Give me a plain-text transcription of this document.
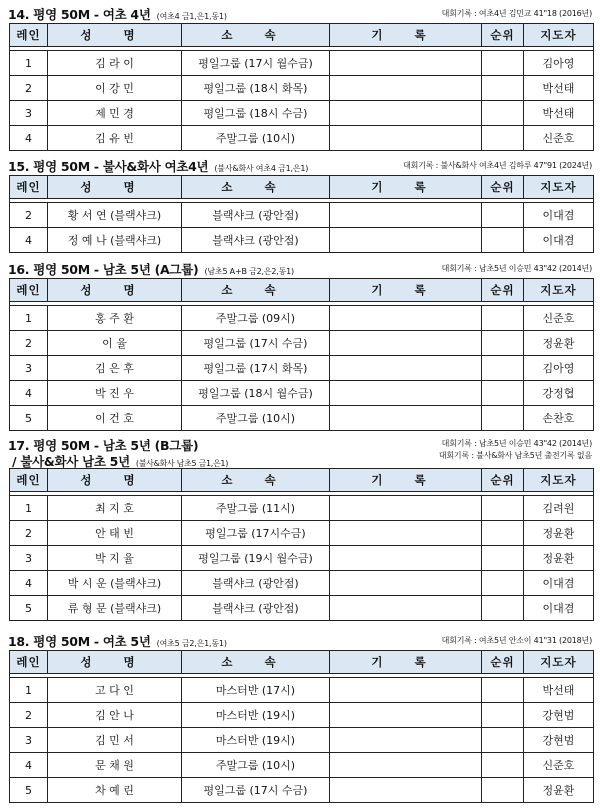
14. 평영 50M - 여초 4년 (여초4 금1,은1,동1)	대회기록 : 여초4년 김민교 41"18 (2016년)
레인	성 명	소 속	기 록	순위	지도자

1	김 라 이	평일그룹 (17시 월수금)			김아영
2	이 강 민	평일그룹 (18시 화목)			박선태
3	제 민 경	평일그룹 (18시 수금)			박선태
4	김 유 빈	주말그룹 (10시)			신준호
15. 평영 50M - 불사&화사 여초4년 (불사&화사 여초4 금1,은1)	대회기록 : 불사&화사 여초4년 김하루 47"91 (2024년)
레인	성 명	소 속	기 록	순위	지도자

2	황 서 연 (블랙샤크)	블랙샤크 (광안점)			이대겸
4	정 예 나 (블랙샤크)	블랙샤크 (광안점)			이대겸
16. 평영 50M - 남초 5년 (A그룹) (남초5 A+B 금2,은2,동1)	대회기록 : 남초5년 이승민 43"42 (2014년)
레인	성 명	소 속	기 록	순위	지도자

1	홍 주 환	주말그룹 (09시)			신준호
2	이 율	평일그룹 (17시 수금)			정윤환
3	김 은 후	평일그룹 (17시 화목)			김아영
4	박 진 우	평일그룹 (18시 월수금)			강정협
5	이 건 호	주말그룹 (10시)			손찬호
17. 평영 50M - 남초 5년 (B그룹)
/ 불사&화사 남초 5년 (불사&화사 남초5 금1,은1)
대회기록 : 남초5년 이승민 43"42 (2014년)
대회기록 : 불사&화사 남초5년 출전기록 없음
레인	성 명	소 속	기 록	순위	지도자

1	최 지 호	주말그룹 (11시)			김려원
2	안 태 빈	평일그룹 (17시수금)			정윤환
3	박 지 율	평일그룹 (19시 월수금)			정윤환
4	박 시 운 (블랙샤크)	블랙샤크 (광안점)			이대겸
5	류 형 문 (블랙샤크)	블랙샤크 (광안점)			이대겸
18. 평영 50M - 여초 5년 (여초5 금2,은1,동1)	대회기록 : 여초5년 안소이 41"31 (2018년)
레인	성 명	소 속	기 록	순위	지도자

1	고 다 인	마스터반 (17시)			박선태
2	김 안 나	마스터반 (19시)			강현범
3	김 민 서	마스터반 (19시)			강현범
4	문 채 원	주말그룹 (10시)			신준호
5	차 예 린	평일그룹 (17시 수금)			정윤환
